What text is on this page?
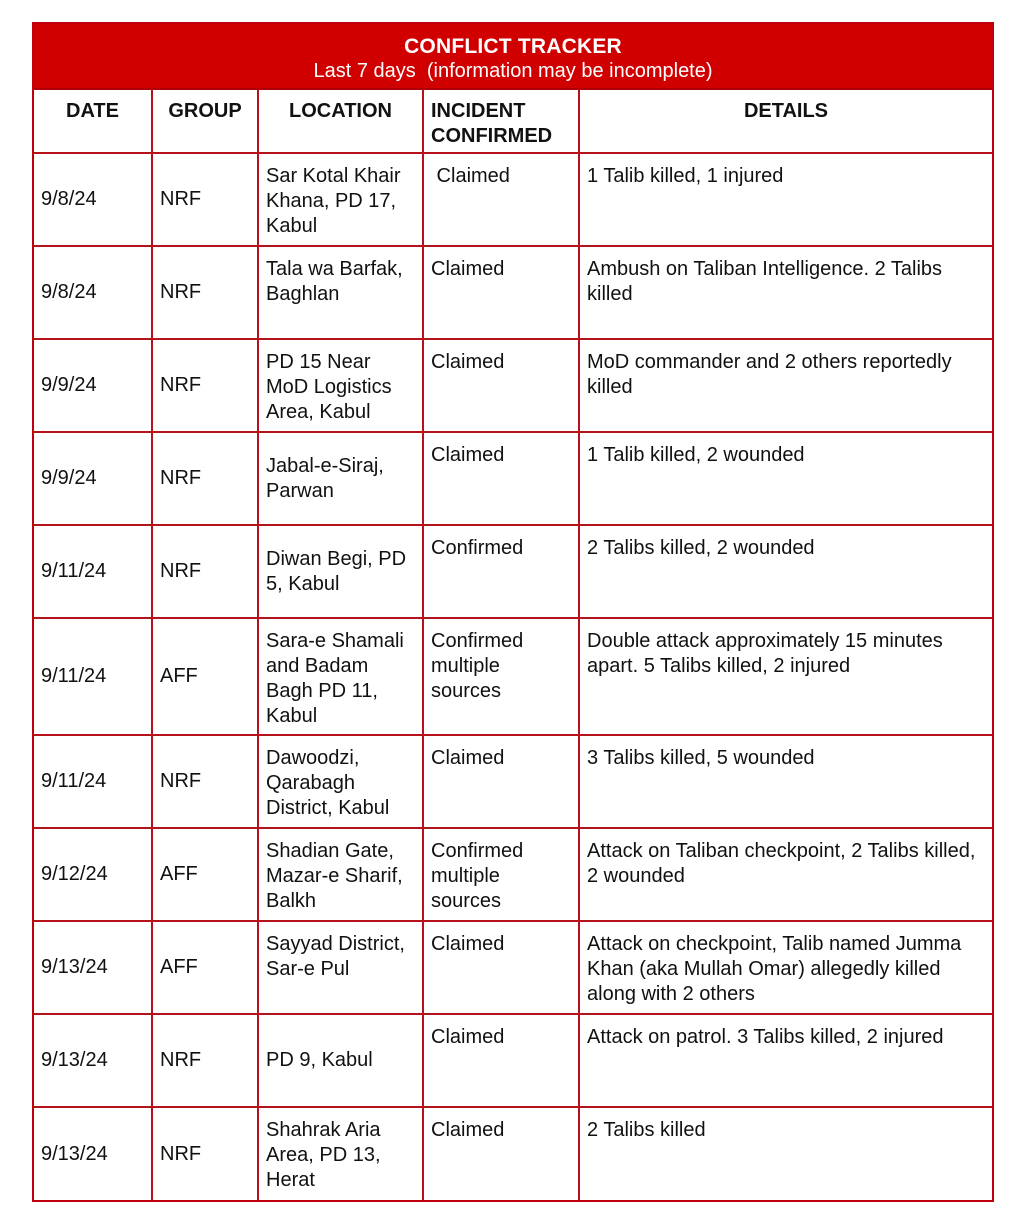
CONFLICT TRACKER
Last 7 days  (information may be incomplete)
DATE	GROUP	LOCATION	INCIDENT CONFIRMED	DETAILS
9/8/24	NRF	Sar Kotal Khair Khana, PD 17, Kabul	Claimed	1 Talib killed, 1 injured
9/8/24	NRF	Tala wa Barfak, Baghlan	Claimed	Ambush on Taliban Intelligence. 2 Talibs killed
9/9/24	NRF	PD 15 Near MoD Logistics Area, Kabul	Claimed	MoD commander and 2 others reportedly killed
9/9/24	NRF	Jabal-e-Siraj, Parwan	Claimed	1 Talib killed, 2 wounded
9/11/24	NRF	Diwan Begi, PD 5, Kabul	Confirmed	2 Talibs killed, 2 wounded
9/11/24	AFF	Sara-e Shamali and Badam Bagh PD 11, Kabul	Confirmed multiple sources	Double attack approximately 15 minutes apart. 5 Talibs killed, 2 injured
9/11/24	NRF	Dawoodzi, Qarabagh District, Kabul	Claimed	3 Talibs killed, 5 wounded
9/12/24	AFF	Shadian Gate, Mazar-e Sharif, Balkh	Confirmed multiple sources	Attack on Taliban checkpoint, 2 Talibs killed, 2 wounded
9/13/24	AFF	Sayyad District, Sar-e Pul	Claimed	Attack on checkpoint, Talib named Jumma Khan (aka Mullah Omar) allegedly killed along with 2 others
9/13/24	NRF	PD 9, Kabul	Claimed	Attack on patrol. 3 Talibs killed, 2 injured
9/13/24	NRF	Shahrak Aria Area, PD 13, Herat	Claimed	2 Talibs killed
